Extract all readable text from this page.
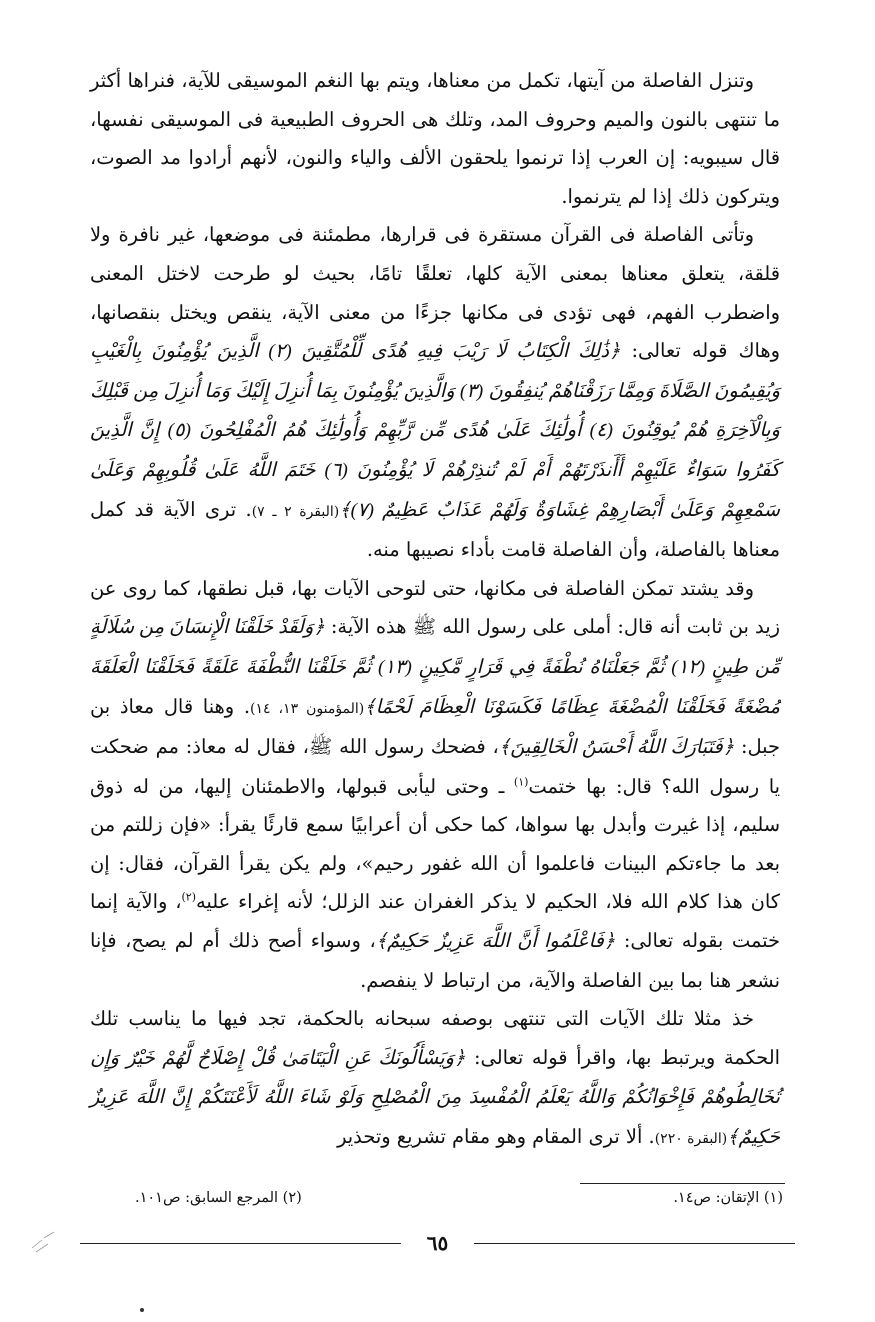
وتنزل الفاصلة من آيتها، تكمل من معناها، ويتم بها النغم الموسيقى للآية، فنراها أكثر ما تنتهى بالنون والميم وحروف المد، وتلك هى الحروف الطبيعية فى الموسيقى نفسها، قال سيبويه: إن العرب إذا ترنموا يلحقون الألف والياء والنون، لأنهم أرادوا مد الصوت، ويتركون ذلك إذا لم يترنموا.

وتأتى الفاصلة فى القرآن مستقرة فى قرارها، مطمئنة فى موضعها، غير نافرة ولا قلقة، يتعلق معناها بمعنى الآية كلها، تعلقًا تامًا، بحيث لو طرحت لاختل المعنى واضطرب الفهم، فهى تؤدى فى مكانها جزءًا من معنى الآية، ينقص ويختل بنقصانها، وهاك قوله تعالى: ﴿ذَٰلِكَ الْكِتَابُ لَا رَيْبَ فِيهِ هُدًى لِّلْمُتَّقِينَ (٢) الَّذِينَ يُؤْمِنُونَ بِالْغَيْبِ وَيُقِيمُونَ الصَّلَاةَ وَمِمَّا رَزَقْنَاهُمْ يُنفِقُونَ (٣) وَالَّذِينَ يُؤْمِنُونَ بِمَا أُنزِلَ إِلَيْكَ وَمَا أُنزِلَ مِن قَبْلِكَ وَبِالْآخِرَةِ هُمْ يُوقِنُونَ (٤) أُولَٰئِكَ عَلَىٰ هُدًى مِّن رَّبِّهِمْ وَأُولَٰئِكَ هُمُ الْمُفْلِحُونَ (٥) إِنَّ الَّذِينَ كَفَرُوا سَوَاءٌ عَلَيْهِمْ أَأَنذَرْتَهُمْ أَمْ لَمْ تُنذِرْهُمْ لَا يُؤْمِنُونَ (٦) خَتَمَ اللَّهُ عَلَىٰ قُلُوبِهِمْ وَعَلَىٰ سَمْعِهِمْ وَعَلَىٰ أَبْصَارِهِمْ غِشَاوَةٌ وَلَهُمْ عَذَابٌ عَظِيمٌ (٧)﴾(البقرة ٢ ـ ٧). ترى الآية قد كمل معناها بالفاصلة، وأن الفاصلة قامت بأداء نصيبها منه.

وقد يشتد تمكن الفاصلة فى مكانها، حتى لتوحى الآيات بها، قبل نطقها، كما روى عن زيد بن ثابت أنه قال: أملى على رسول الله ﷺ هذه الآية: ﴿وَلَقَدْ خَلَقْنَا الْإِنسَانَ مِن سُلَالَةٍ مِّن طِينٍ (١٢) ثُمَّ جَعَلْنَاهُ نُطْفَةً فِي قَرَارٍ مَّكِينٍ (١٣) ثُمَّ خَلَقْنَا النُّطْفَةَ عَلَقَةً فَخَلَقْنَا الْعَلَقَةَ مُضْغَةً فَخَلَقْنَا الْمُضْغَةَ عِظَامًا فَكَسَوْنَا الْعِظَامَ لَحْمًا﴾(المؤمنون ١٣، ١٤). وهنا قال معاذ بن جبل: ﴿فَتَبَارَكَ اللَّهُ أَحْسَنُ الْخَالِقِينَ﴾، فضحك رسول الله ﷺ، فقال له معاذ: مم ضحكت يا رسول الله؟ قال: بها ختمت$^{(١)}$ ـ وحتى ليأبى قبولها، والاطمئنان إليها، من له ذوق سليم، إذا غيرت وأبدل بها سواها، كما حكى أن أعرابيًا سمع قارئًا يقرأ: «فإن زللتم من بعد ما جاءتكم البينات فاعلموا أن الله غفور رحيم»، ولم يكن يقرأ القرآن، فقال: إن كان هذا كلام الله فلا، الحكيم لا يذكر الغفران عند الزلل؛ لأنه إغراء عليه$^{(٢)}$، والآية إنما ختمت بقوله تعالى: ﴿فَاعْلَمُوا أَنَّ اللَّهَ عَزِيزٌ حَكِيمٌ﴾، وسواء أصح ذلك أم لم يصح، فإنا نشعر هنا بما بين الفاصلة والآية، من ارتباط لا ينفصم.

خذ مثلا تلك الآيات التى تنتهى بوصفه سبحانه بالحكمة، تجد فيها ما يناسب تلك الحكمة ويرتبط بها، واقرأ قوله تعالى: ﴿وَيَسْأَلُونَكَ عَنِ الْيَتَامَىٰ قُلْ إِصْلَاحٌ لَّهُمْ خَيْرٌ وَإِن تُخَالِطُوهُمْ فَإِخْوَانُكُمْ وَاللَّهُ يَعْلَمُ الْمُفْسِدَ مِنَ الْمُصْلِحِ وَلَوْ شَاءَ اللَّهُ لَأَعْنَتَكُمْ إِنَّ اللَّهَ عَزِيزٌ حَكِيمٌ﴾(البقرة ٢٢٠). ألا ترى المقام وهو مقام تشريع وتحذير

(١) الإتقان: ص١٤.
(٢) المرجع السابق: ص١٠١.
٦٥
